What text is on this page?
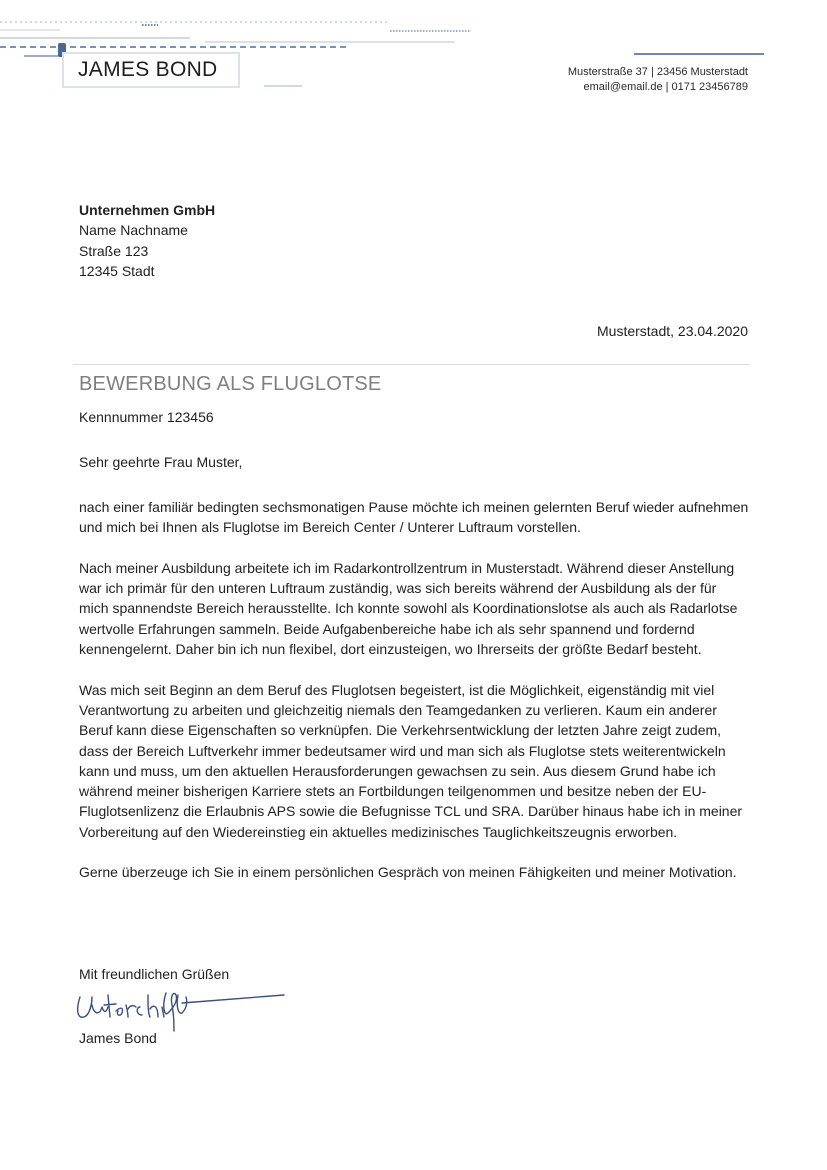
JAMES BOND	Musterstraße 37 | 23456 Musterstadt
email@email.de | 0171 23456789
Unternehmen GmbH
Name Nachname
Straße 123
12345 Stadt
Musterstadt, 23.04.2020
BEWERBUNG ALS FLUGLOTSE
Kennnummer 123456
Sehr geehrte Frau Muster,

nach einer familiär bedingten sechsmonatigen Pause möchte ich meinen gelernten Beruf wieder aufnehmen und mich bei Ihnen als Fluglotse im Bereich Center / Unterer Luftraum vorstellen.

Nach meiner Ausbildung arbeitete ich im Radarkontrollzentrum in Musterstadt. Während dieser Anstellung war ich primär für den unteren Luftraum zuständig, was sich bereits während der Ausbildung als der für mich spannendste Bereich herausstellte. Ich konnte sowohl als Koordinationslotse als auch als Radarlotse wertvolle Erfahrungen sammeln. Beide Aufgabenbereiche habe ich als sehr spannend und fordernd kennengelernt. Daher bin ich nun flexibel, dort einzusteigen, wo Ihrerseits der größte Bedarf besteht.

Was mich seit Beginn an dem Beruf des Fluglotsen begeistert, ist die Möglichkeit, eigenständig mit viel Verantwortung zu arbeiten und gleichzeitig niemals den Teamgedanken zu verlieren. Kaum ein anderer Beruf kann diese Eigenschaften so verknüpfen. Die Verkehrsentwicklung der letzten Jahre zeigt zudem, dass der Bereich Luftverkehr immer bedeutsamer wird und man sich als Fluglotse stets weiterentwickeln kann und muss, um den aktuellen Herausforderungen gewachsen zu sein. Aus diesem Grund habe ich während meiner bisherigen Karriere stets an Fortbildungen teilgenommen und besitze neben der EU-Fluglotsenlizenz die Erlaubnis APS sowie die Befugnisse TCL und SRA. Darüber hinaus habe ich in meiner Vorbereitung auf den Wiedereinstieg ein aktuelles medizinisches Tauglichkeitszeugnis erworben.

Gerne überzeuge ich Sie in einem persönlichen Gespräch von meinen Fähigkeiten und meiner Motivation.

Mit freundlichen Grüßen
James Bond
